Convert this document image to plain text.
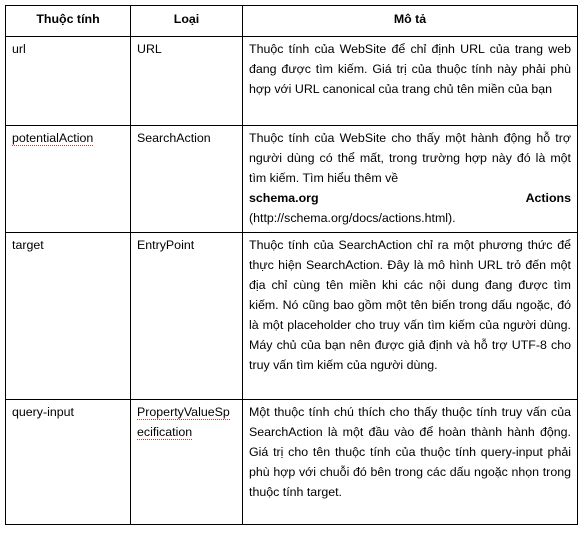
Thuộc tính	Loại	Mô tả
url	URL	Thuộc tính của WebSite để chỉ định URL của trang web đang được tìm kiếm. Giá trị của thuộc tính này phải phù hợp với URL canonical của trang chủ tên miền của bạn
potentialAction	SearchAction	Thuộc tính của WebSite cho thấy một hành động hỗ trợ người dùng có thể mất, trong trường hợp này đó là một tìm kiếm. Tìm hiểu thêm về
schema.org Actions
(http://schema.org/docs/actions.html).

target	EntryPoint	Thuộc tính của SearchAction chỉ ra một phương thức để thực hiện SearchAction. Đây là mô hình URL trỏ đến một địa chỉ cùng tên miền khi các nội dung đang được tìm kiếm. Nó cũng bao gồm một tên biến trong dấu ngoặc, đó là một placeholder cho truy vấn tìm kiếm của người dùng. Máy chủ của bạn nên được giả định và hỗ trợ UTF-8 cho truy vấn tìm kiếm của người dùng.
query-input	PropertyValueSpecification	Một thuộc tính chú thích cho thấy thuộc tính truy vấn của SearchAction là một đầu vào để hoàn thành hành động. Giá trị cho tên thuộc tính của thuộc tính query-input phải phù hợp với chuỗi đó bên trong các dấu ngoặc nhọn trong thuộc tính target.
